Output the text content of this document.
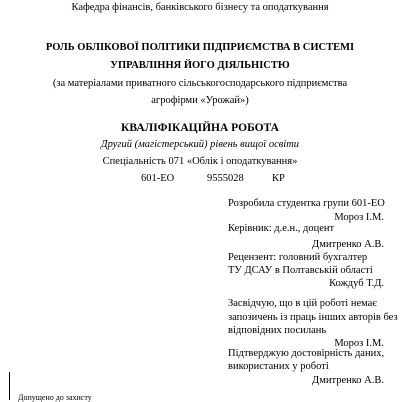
Кафедра фінансів, банківського бізнесу та оподаткування
РОЛЬ ОБЛІКОВОЇ ПОЛІТИКИ ПІДПРИЄМСТВА В СИСТЕМІ
УПРАВЛІННЯ ЙОГО ДІЯЛЬНІСТЮ
(за матеріалами приватного сільськогосподарського підприємства
агрофірми «Урожай»)
КВАЛІФІКАЦІЙНА РОБОТА
Другий (магістерський) рівень вищої освіти
Спеціальність 071 «Облік і оподаткування»
601-ЕО	9555028	КР
Розробила студентка групи 601-ЕО
Мороз І.М.
Керівник: д.е.н., доцент
Дмитренко А.В.
Рецензент: головний бухгалтер
ТУ ДСАУ в Полтавській області
Кождуб Т.Д.
Засвідчую, що в цій роботі немає
запозичень із праць інших авторів без
відповідних посилань
Мороз І.М.
Підтверджую достовірність даних,
використаних у роботі
Дмитренко А.В.
Допущено до захисту
